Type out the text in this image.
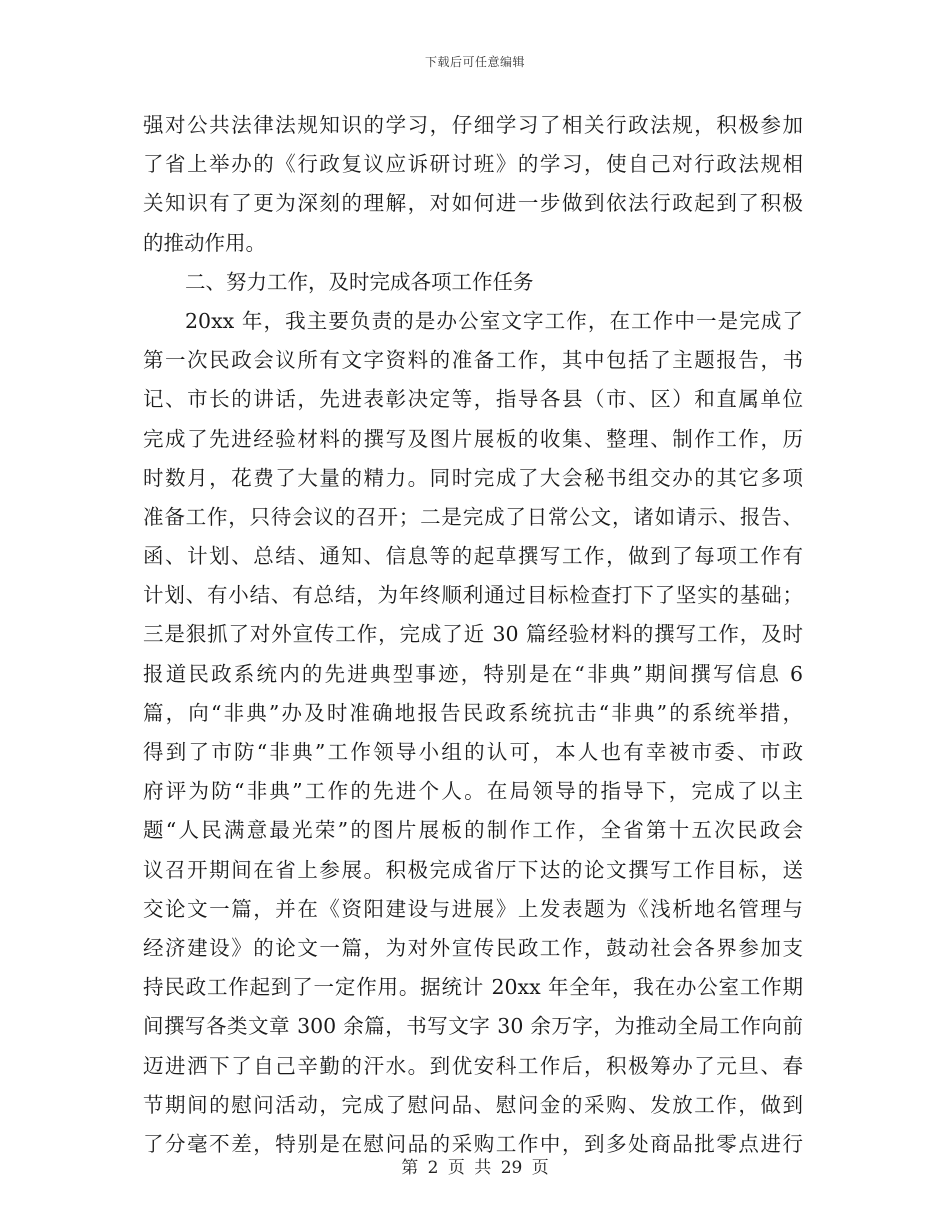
下载后可任意编辑
强对公共法律法规知识的学习，仔细学习了相关行政法规，积极参加
了省上举办的《行政复议应诉研讨班》的学习，使自己对行政法规相
关知识有了更为深刻的理解，对如何进一步做到依法行政起到了积极
的推动作用。
二、努力工作，及时完成各项工作任务
20xx 年，我主要负责的是办公室文字工作，在工作中一是完成了
第一次民政会议所有文字资料的准备工作，其中包括了主题报告，书
记、市长的讲话，先进表彰决定等，指导各县（市、区）和直属单位
完成了先进经验材料的撰写及图片展板的收集、整理、制作工作，历
时数月，花费了大量的精力。同时完成了大会秘书组交办的其它多项
准备工作，只待会议的召开；二是完成了日常公文，诸如请示、报告、
函、计划、总结、通知、信息等的起草撰写工作，做到了每项工作有
计划、有小结、有总结，为年终顺利通过目标检查打下了坚实的基础；
三是狠抓了对外宣传工作，完成了近 30 篇经验材料的撰写工作，及时
报道民政系统内的先进典型事迹，特别是在“非典”期间撰写信息 6
篇，向“非典”办及时准确地报告民政系统抗击“非典”的系统举措，
得到了市防“非典”工作领导小组的认可，本人也有幸被市委、市政
府评为防“非典”工作的先进个人。在局领导的指导下，完成了以主
题“人民满意最光荣”的图片展板的制作工作，全省第十五次民政会
议召开期间在省上参展。积极完成省厅下达的论文撰写工作目标，送
交论文一篇，并在《资阳建设与进展》上发表题为《浅析地名管理与
经济建设》的论文一篇，为对外宣传民政工作，鼓动社会各界参加支
持民政工作起到了一定作用。据统计 20xx 年全年，我在办公室工作期
间撰写各类文章 300 余篇，书写文字 30 余万字，为推动全局工作向前
迈进洒下了自己辛勤的汗水。到优安科工作后，积极筹办了元旦、春
节期间的慰问活动，完成了慰问品、慰问金的采购、发放工作，做到
了分毫不差，特别是在慰问品的采购工作中，到多处商品批零点进行
第 2 页 共 29 页
